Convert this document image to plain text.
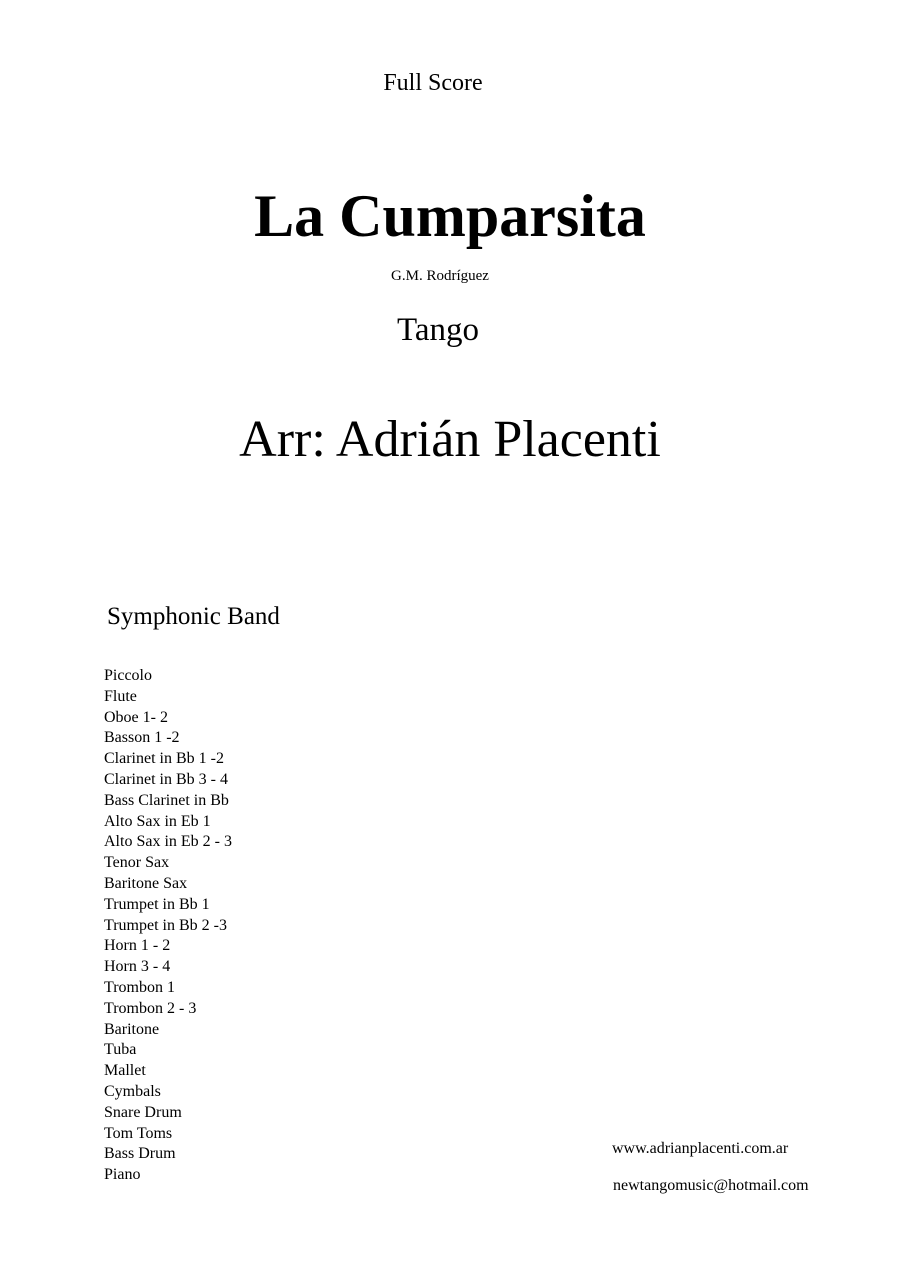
Full Score
La Cumparsita
G.M. Rodríguez
Tango
Arr: Adrián Placenti
Symphonic Band
Piccolo
Flute
Oboe 1- 2
Basson 1 -2
Clarinet in Bb 1 -2
Clarinet in Bb 3 - 4
Bass Clarinet in Bb
Alto Sax in Eb 1
Alto Sax in Eb 2 - 3
Tenor Sax
Baritone Sax
Trumpet in Bb 1
Trumpet in Bb 2 -3
Horn 1 - 2
Horn 3 - 4
Trombon 1
Trombon 2 - 3
Baritone
Tuba
Mallet
Cymbals
Snare Drum
Tom Toms
Bass Drum
Piano
www.adrianplacenti.com.ar
newtangomusic@hotmail.com
